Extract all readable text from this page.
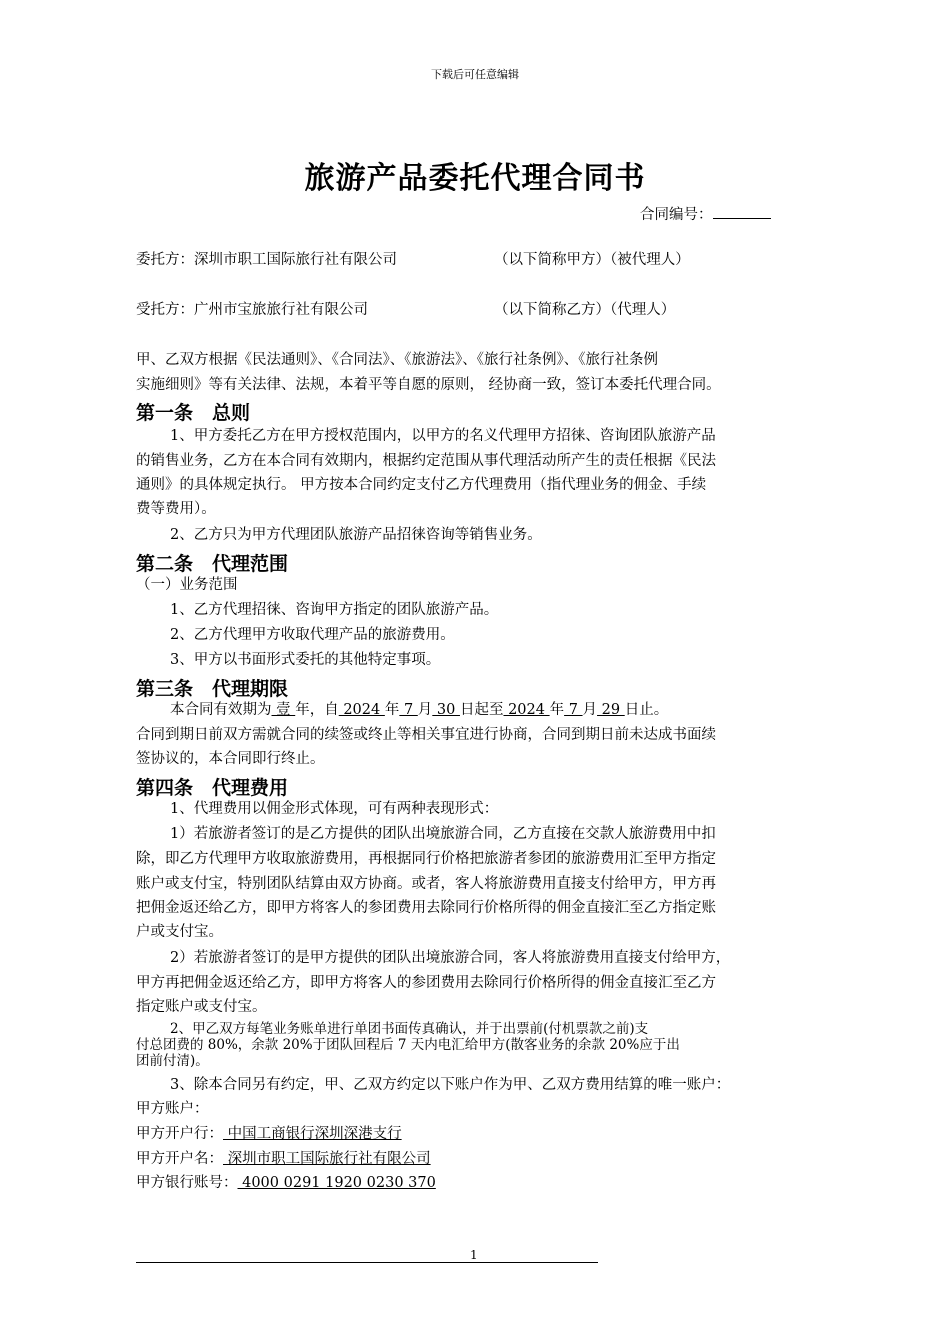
下载后可任意编辑
旅游产品委托代理合同书
合同编号：
委托方：深圳市职工国际旅行社有限公司	（以下简称甲方）（被代理人）
受托方：广州市宝旅旅行社有限公司	（以下简称乙方）（代理人）
甲、乙双方根据《民法通则》、《合同法》、《旅游法》、《旅行社条例》、《旅行社条例
实施细则》等有关法律、法规，本着平等自愿的原则， 经协商一致，签订本委托代理合同。
第一条　总则
1、甲方委托乙方在甲方授权范围内，以甲方的名义代理甲方招徕、咨询团队旅游产品
的销售业务，乙方在本合同有效期内，根据约定范围从事代理活动所产生的责任根据《民法
通则》的具体规定执行。 甲方按本合同约定支付乙方代理费用（指代理业务的佣金、手续
费等费用）。
2、乙方只为甲方代理团队旅游产品招徕咨询等销售业务。
第二条　代理范围
（一）业务范围
1、乙方代理招徕、咨询甲方指定的团队旅游产品。
2、乙方代理甲方收取代理产品的旅游费用。
3、甲方以书面形式委托的其他特定事项。
第三条　代理期限
本合同有效期为 壹 年，自 2024 年 7 月 30 日起至 2024 年 7 月 29 日止。
合同到期日前双方需就合同的续签或终止等相关事宜进行协商，合同到期日前未达成书面续
签协议的，本合同即行终止。
第四条　代理费用
1、代理费用以佣金形式体现，可有两种表现形式：
1）若旅游者签订的是乙方提供的团队出境旅游合同，乙方直接在交款人旅游费用中扣
除，即乙方代理甲方收取旅游费用，再根据同行价格把旅游者参团的旅游费用汇至甲方指定
账户或支付宝，特别团队结算由双方协商。或者，客人将旅游费用直接支付给甲方，甲方再
把佣金返还给乙方，即甲方将客人的参团费用去除同行价格所得的佣金直接汇至乙方指定账
户或支付宝。
2）若旅游者签订的是甲方提供的团队出境旅游合同，客人将旅游费用直接支付给甲方，
甲方再把佣金返还给乙方，即甲方将客人的参团费用去除同行价格所得的佣金直接汇至乙方
指定账户或支付宝。
2、甲乙双方每笔业务账单进行单团书面传真确认，并于出票前(付机票款之前)支
付总团费的 80%，余款 20%于团队回程后 7 天内电汇给甲方(散客业务的余款 20%应于出
团前付清)。
3、除本合同另有约定，甲、乙双方约定以下账户作为甲、乙双方费用结算的唯一账户：
甲方账户：
甲方开户行： 中国工商银行深圳深港支行
甲方开户名： 深圳市职工国际旅行社有限公司
甲方银行账号： 4000 0291 1920 0230 370
1
